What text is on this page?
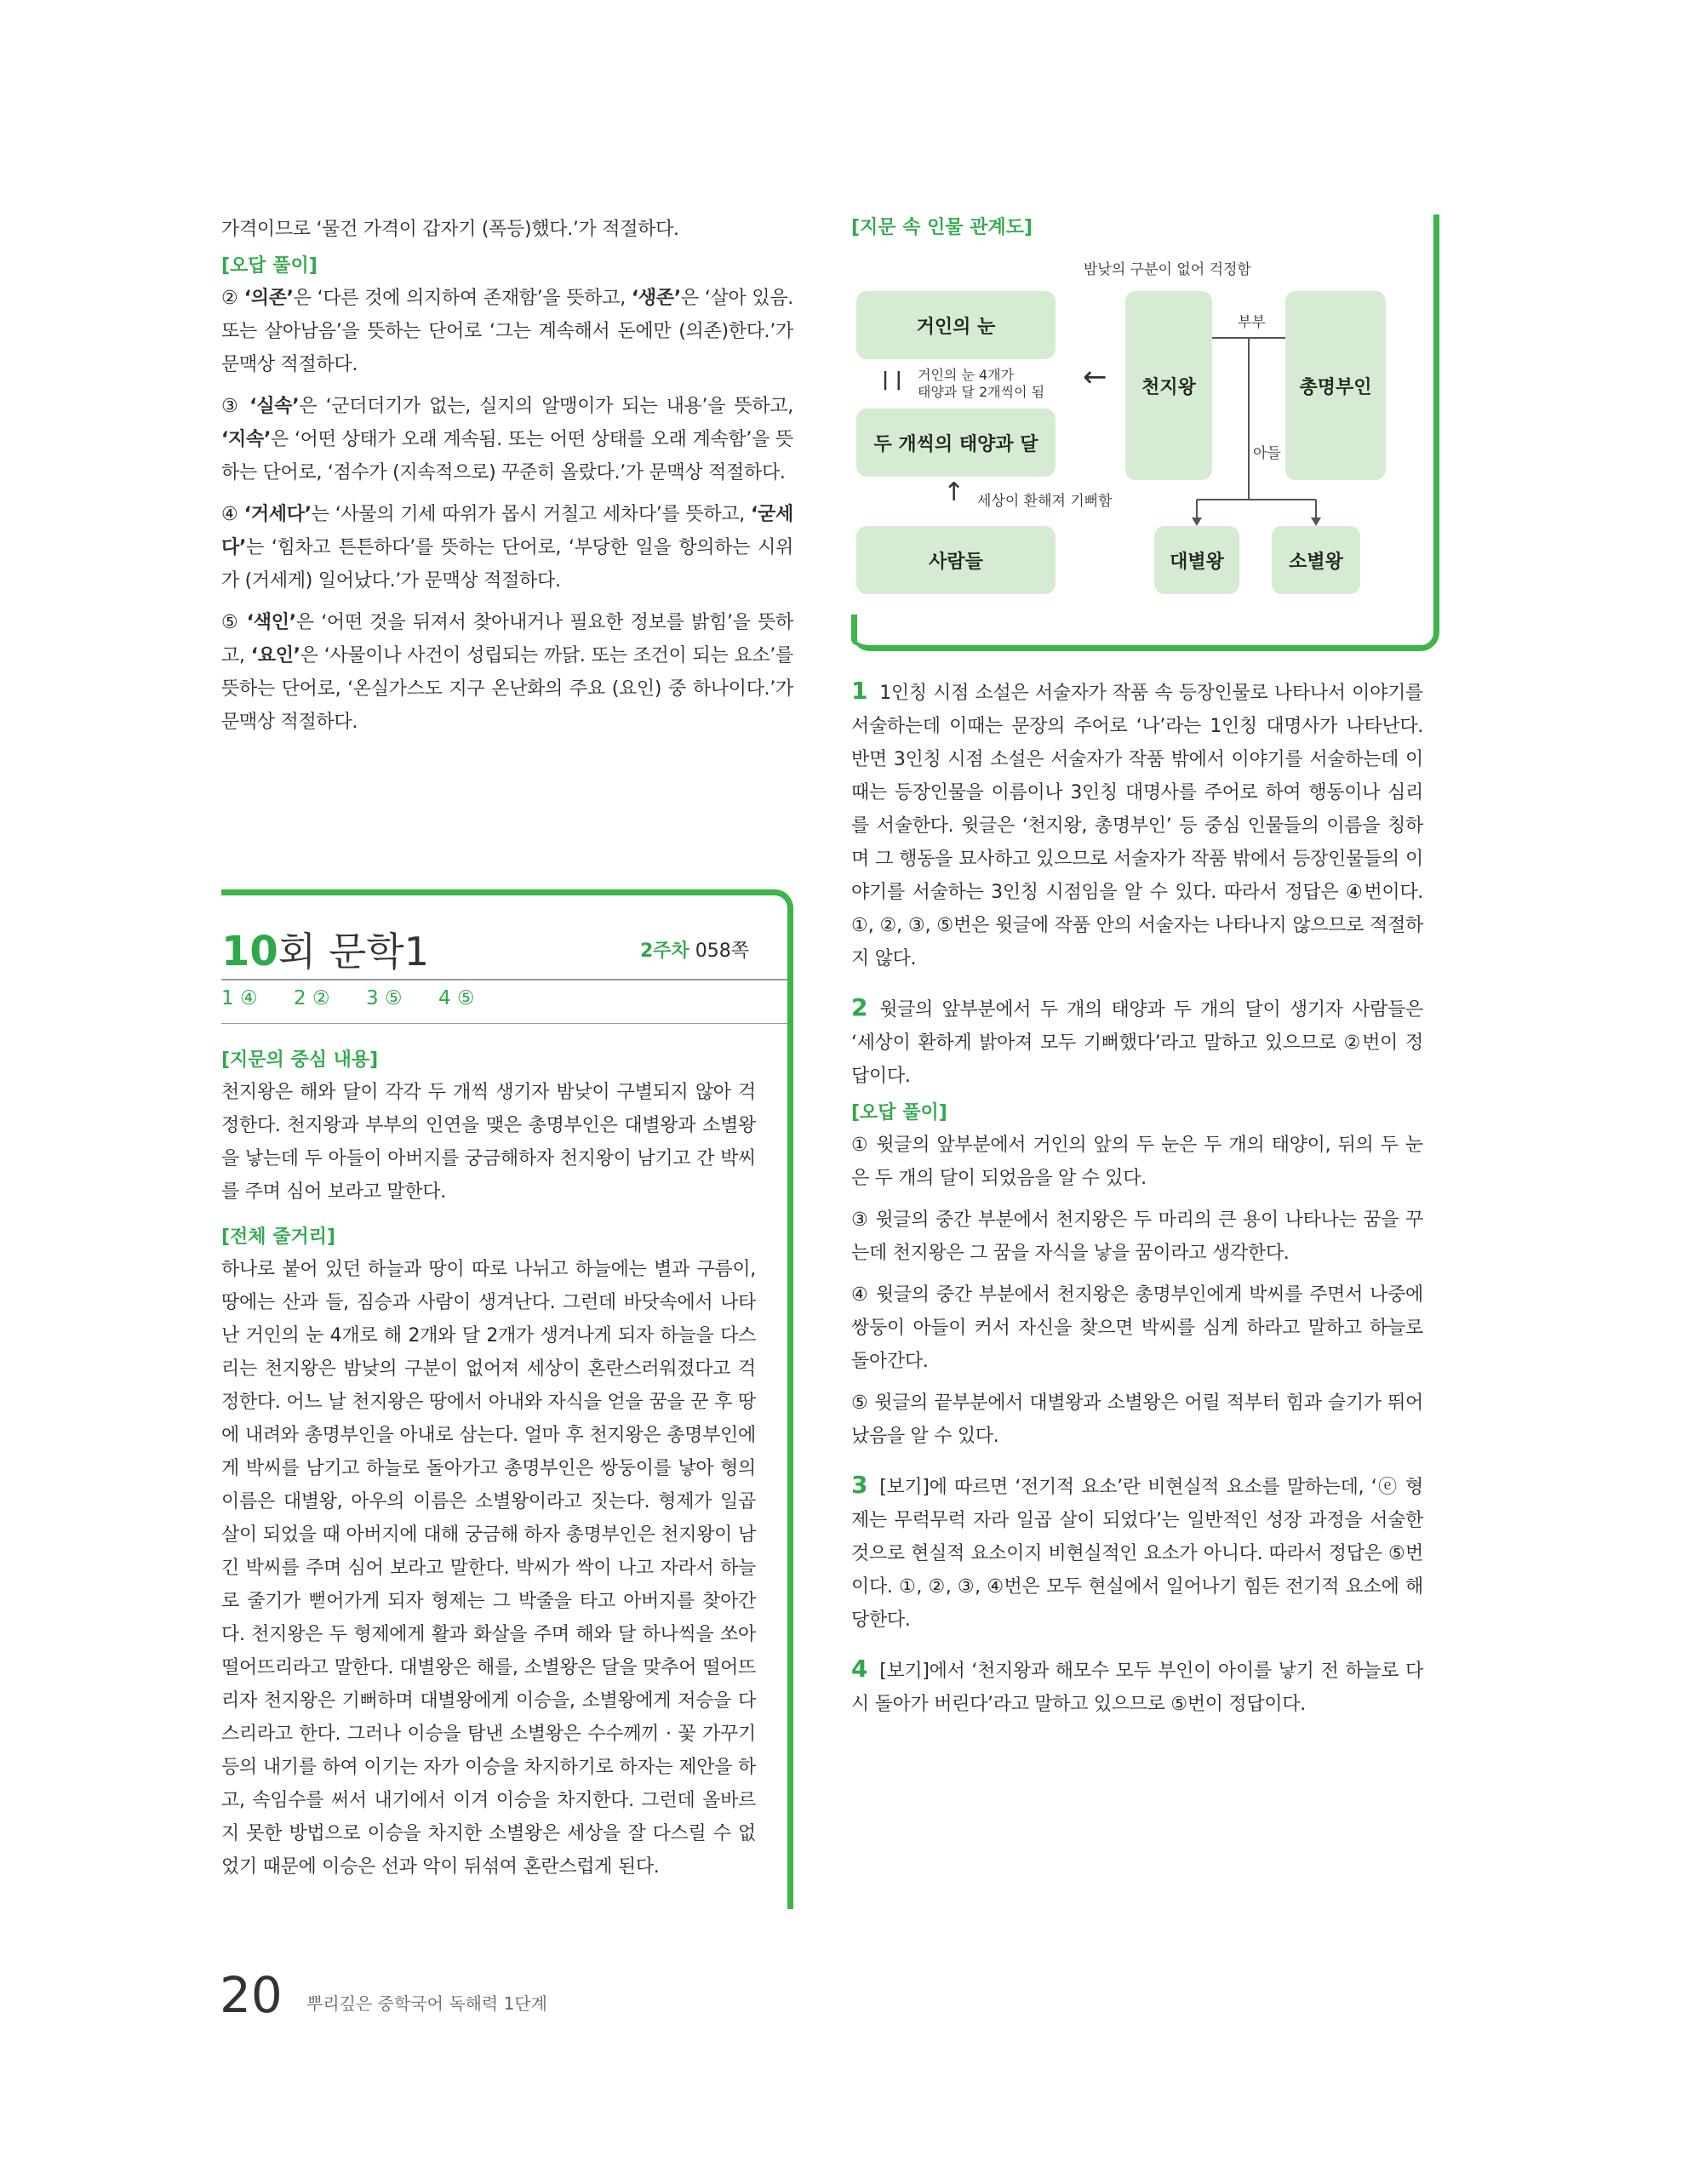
가격이므로 ‘물건 가격이 갑자기 (폭등)했다.’가 적절하다.

[오답 풀이]

② ‘의존’은 ‘다른 것에 의지하여 존재함’을 뜻하고, ‘생존’은 ‘살아 있음. 또는 살아남음’을 뜻하는 단어로 ‘그는 계속해서 돈에만 (의존)한다.’가 문맥상 적절하다.

③ ‘실속’은 ‘군더더기가 없는, 실지의 알맹이가 되는 내용’을 뜻하고, ‘지속’은 ‘어떤 상태가 오래 계속됨. 또는 어떤 상태를 오래 계속함’을 뜻하는 단어로, ‘점수가 (지속적으로) 꾸준히 올랐다.’가 문맥상 적절하다.

④ ‘거세다’는 ‘사물의 기세 따위가 몹시 거칠고 세차다’를 뜻하고, ‘굳세다’는 ‘힘차고 튼튼하다’를 뜻하는 단어로, ‘부당한 일을 항의하는 시위가 (거세게) 일어났다.’가 문맥상 적절하다.

⑤ ‘색인’은 ‘어떤 것을 뒤져서 찾아내거나 필요한 정보를 밝힘’을 뜻하고, ‘요인’은 ‘사물이나 사건이 성립되는 까닭. 또는 조건이 되는 요소’를 뜻하는 단어로, ‘온실가스도 지구 온난화의 주요 (요인) 중 하나이다.’가 문맥상 적절하다.

10회 문학1	2주차 058쪽
1 ④ 2 ② 3 ⑤ 4 ⑤
[지문의 중심 내용]

천지왕은 해와 달이 각각 두 개씩 생기자 밤낮이 구별되지 않아 걱정한다. 천지왕과 부부의 인연을 맺은 총명부인은 대별왕과 소별왕을 낳는데 두 아들이 아버지를 궁금해하자 천지왕이 남기고 간 박씨를 주며 심어 보라고 말한다.

[전체 줄거리]

하나로 붙어 있던 하늘과 땅이 따로 나뉘고 하늘에는 별과 구름이, 땅에는 산과 들, 짐승과 사람이 생겨난다. 그런데 바닷속에서 나타난 거인의 눈 4개로 해 2개와 달 2개가 생겨나게 되자 하늘을 다스리는 천지왕은 밤낮의 구분이 없어져 세상이 혼란스러워졌다고 걱정한다. 어느 날 천지왕은 땅에서 아내와 자식을 얻을 꿈을 꾼 후 땅에 내려와 총명부인을 아내로 삼는다. 얼마 후 천지왕은 총명부인에게 박씨를 남기고 하늘로 돌아가고 총명부인은 쌍둥이를 낳아 형의 이름은 대별왕, 아우의 이름은 소별왕이라고 짓는다. 형제가 일곱 살이 되었을 때 아버지에 대해 궁금해 하자 총명부인은 천지왕이 남긴 박씨를 주며 심어 보라고 말한다. 박씨가 싹이 나고 자라서 하늘로 줄기가 뻗어가게 되자 형제는 그 박줄을 타고 아버지를 찾아간다. 천지왕은 두 형제에게 활과 화살을 주며 해와 달 하나씩을 쏘아 떨어뜨리라고 말한다. 대별왕은 해를, 소별왕은 달을 맞추어 떨어뜨리자 천지왕은 기뻐하며 대별왕에게 이승을, 소별왕에게 저승을 다스리라고 한다. 그러나 이승을 탐낸 소별왕은 수수께끼 · 꽃 가꾸기 등의 내기를 하여 이기는 자가 이승을 차지하기로 하자는 제안을 하고, 속임수를 써서 내기에서 이겨 이승을 차지한다. 그런데 올바르지 못한 방법으로 이승을 차지한 소별왕은 세상을 잘 다스릴 수 없었기 때문에 이승은 선과 악이 뒤섞여 혼란스럽게 된다.

[지문 속 인물 관계도]
밤낮의 구분이 없어 걱정함
거인의 눈
두 개씩의 태양과 달
사람들
천지왕	총명부인
대별왕	소별왕
| | 거인의 눈 4개가
태양과 달 2개씩이 됨 ←
↑ 세상이 환해져 기뻐함
부부
아들

1 1인칭 시점 소설은 서술자가 작품 속 등장인물로 나타나서 이야기를 서술하는데 이때는 문장의 주어로 ‘나’라는 1인칭 대명사가 나타난다. 반면 3인칭 시점 소설은 서술자가 작품 밖에서 이야기를 서술하는데 이때는 등장인물을 이름이나 3인칭 대명사를 주어로 하여 행동이나 심리를 서술한다. 윗글은 ‘천지왕, 총명부인’ 등 중심 인물들의 이름을 칭하며 그 행동을 묘사하고 있으므로 서술자가 작품 밖에서 등장인물들의 이야기를 서술하는 3인칭 시점임을 알 수 있다. 따라서 정답은 ④번이다. ①, ②, ③, ⑤번은 윗글에 작품 안의 서술자는 나타나지 않으므로 적절하지 않다.

2 윗글의 앞부분에서 두 개의 태양과 두 개의 달이 생기자 사람들은 ‘세상이 환하게 밝아져 모두 기뻐했다’라고 말하고 있으므로 ②번이 정답이다.

[오답 풀이]

① 윗글의 앞부분에서 거인의 앞의 두 눈은 두 개의 태양이, 뒤의 두 눈은 두 개의 달이 되었음을 알 수 있다.

③ 윗글의 중간 부분에서 천지왕은 두 마리의 큰 용이 나타나는 꿈을 꾸는데 천지왕은 그 꿈을 자식을 낳을 꿈이라고 생각한다.

④ 윗글의 중간 부분에서 천지왕은 총명부인에게 박씨를 주면서 나중에 쌍둥이 아들이 커서 자신을 찾으면 박씨를 심게 하라고 말하고 하늘로 돌아간다.

⑤ 윗글의 끝부분에서 대별왕과 소별왕은 어릴 적부터 힘과 슬기가 뛰어났음을 알 수 있다.

3 [보기]에 따르면 ‘전기적 요소’란 비현실적 요소를 말하는데, ‘ⓔ 형제는 무럭무럭 자라 일곱 살이 되었다’는 일반적인 성장 과정을 서술한 것으로 현실적 요소이지 비현실적인 요소가 아니다. 따라서 정답은 ⑤번이다. ①, ②, ③, ④번은 모두 현실에서 일어나기 힘든 전기적 요소에 해당한다.

4 [보기]에서 ‘천지왕과 해모수 모두 부인이 아이를 낳기 전 하늘로 다시 돌아가 버린다’라고 말하고 있으므로 ⑤번이 정답이다.

20 뿌리깊은 중학국어 독해력 1단계
